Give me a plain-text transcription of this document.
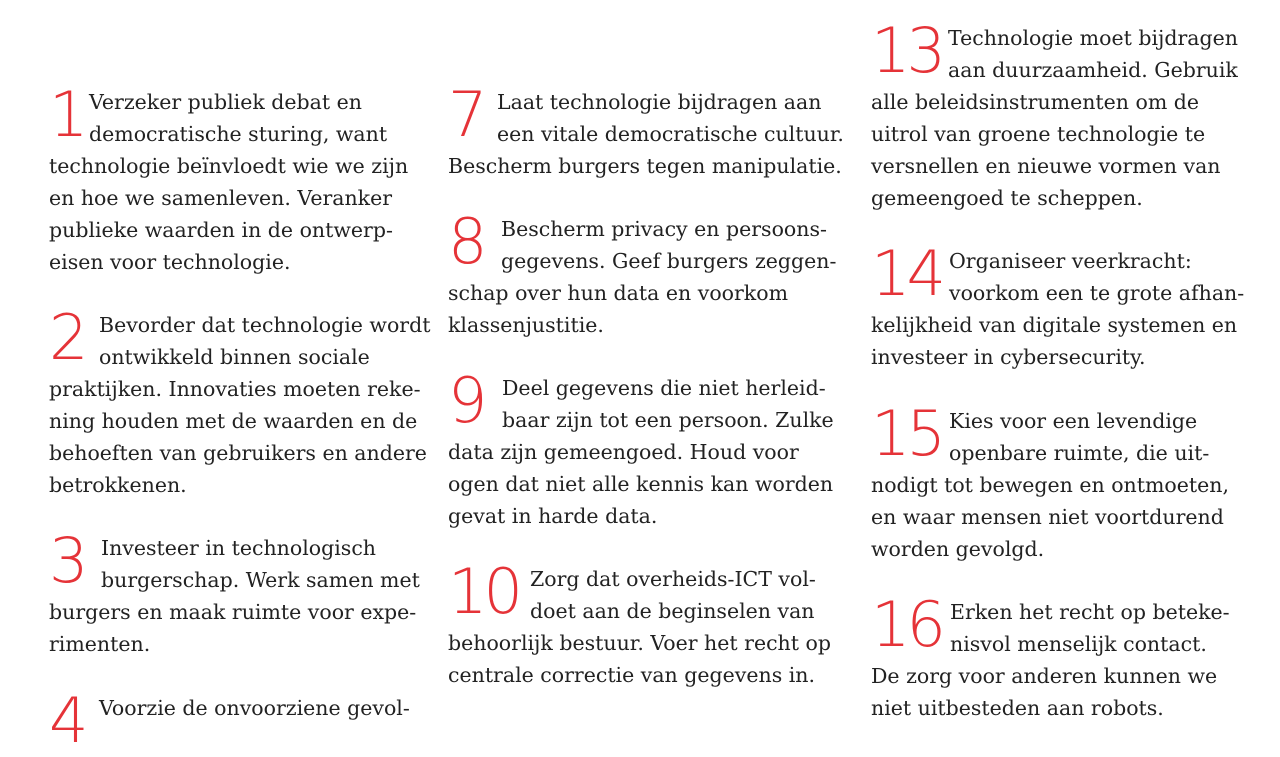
1 Verzeker publiek debat en
democratische sturing, want
technologie beïnvloedt wie we zijn
en hoe we samenleven. Veranker
publieke waarden in de ontwerp-
eisen voor technologie.
2 Bevorder dat technologie wordt
ontwikkeld binnen sociale
praktijken. Innovaties moeten reke-
ning houden met de waarden en de
behoeften van gebruikers en andere
betrokkenen.
3 Investeer in technologisch
burgerschap. Werk samen met
burgers en maak ruimte voor expe-
rimenten.
4 Voorzie de onvoorziene gevol-
7 Laat technologie bijdragen aan
een vitale democratische cultuur.
Bescherm burgers tegen manipulatie.
8 Bescherm privacy en persoons-
gegevens. Geef burgers zeggen-
schap over hun data en voorkom
klassenjustitie.
9 Deel gegevens die niet herleid-
baar zijn tot een persoon. Zulke
data zijn gemeengoed. Houd voor
ogen dat niet alle kennis kan worden
gevat in harde data.
10 Zorg dat overheids-ICT vol-
doet aan de beginselen van
behoorlijk bestuur. Voer het recht op
centrale correctie van gegevens in.
13 Technologie moet bijdragen
aan duurzaamheid. Gebruik
alle beleidsinstrumenten om de
uitrol van groene technologie te
versnellen en nieuwe vormen van
gemeengoed te scheppen.
14 Organiseer veerkracht:
voorkom een te grote afhan-
kelijkheid van digitale systemen en
investeer in cybersecurity.
15 Kies voor een levendige
openbare ruimte, die uit-
nodigt tot bewegen en ontmoeten,
en waar mensen niet voortdurend
worden gevolgd.
16 Erken het recht op beteke-
nisvol menselijk contact.
De zorg voor anderen kunnen we
niet uitbesteden aan robots.
